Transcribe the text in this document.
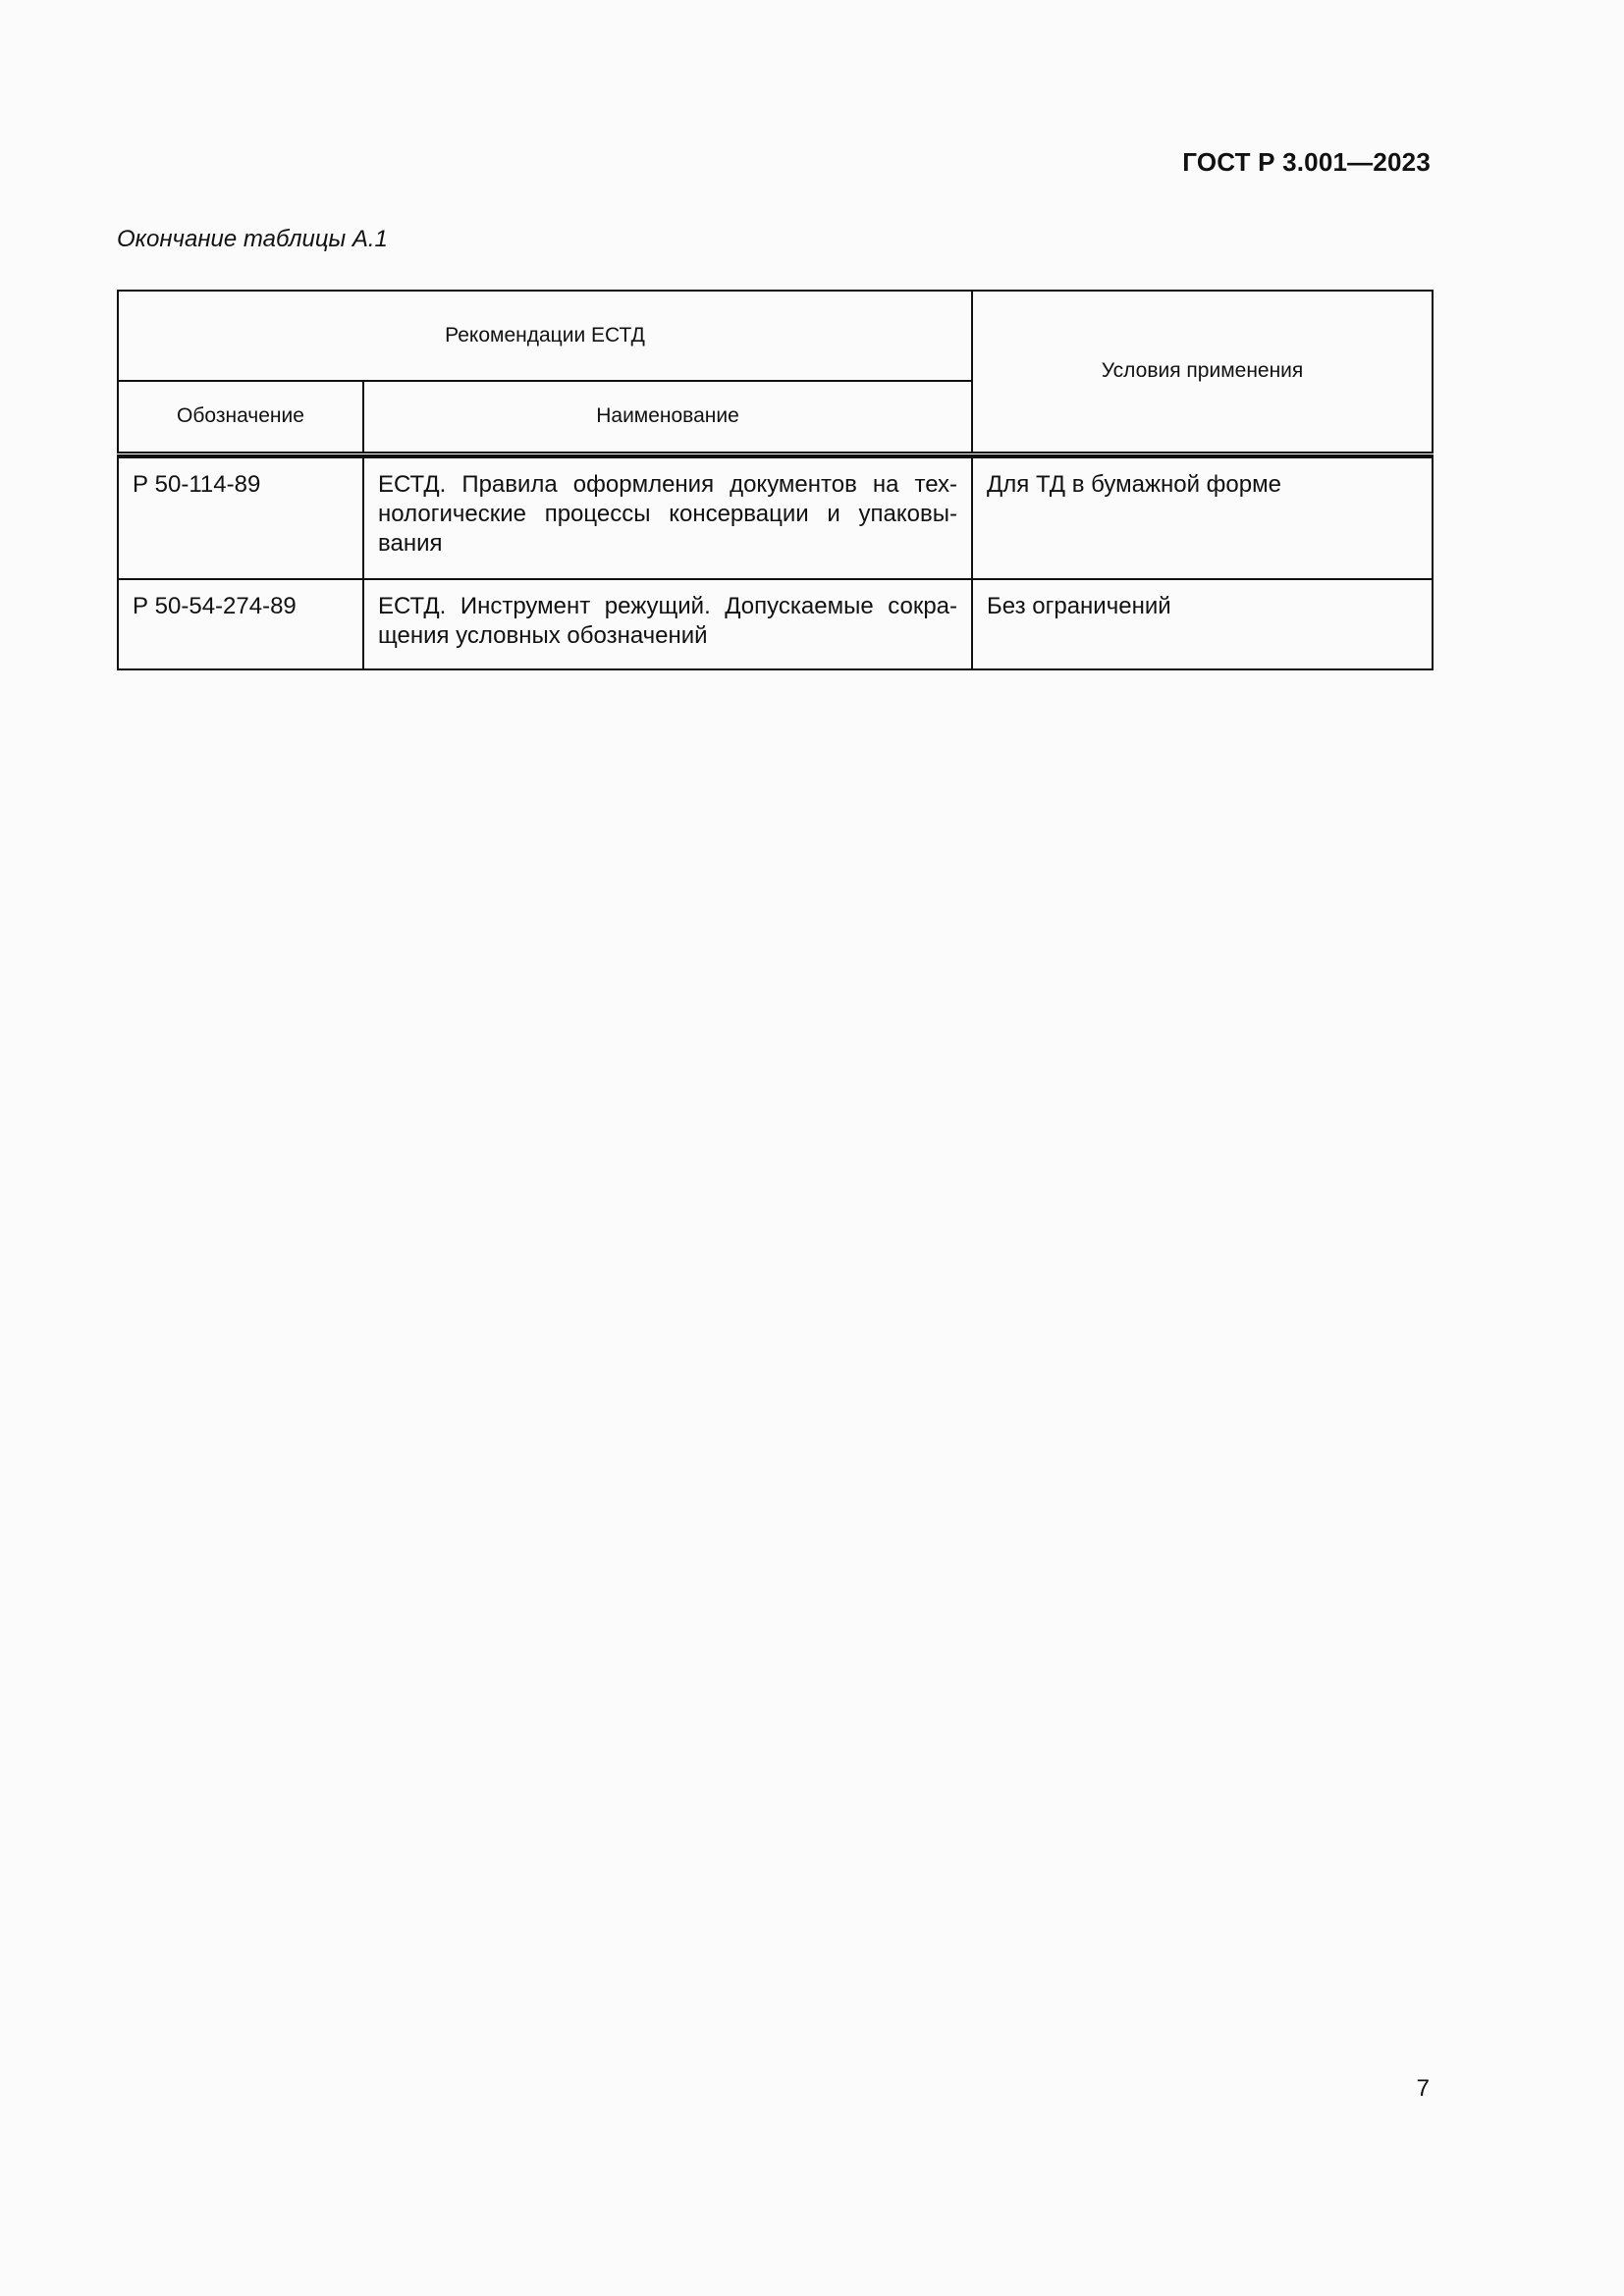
ГОСТ Р 3.001—2023
Окончание таблицы А.1
Рекомендации ЕСТД		Условия применения
Обозначение	Наименование	

Р 50-114-89	ЕСТД. Правила оформления документов на технологические процессы консервации и упаковывания	Для ТД в бумажной форме
Р 50-54-274-89	ЕСТД. Инструмент режущий. Допускаемые сокращения условных обозначений	Без ограничений
7
